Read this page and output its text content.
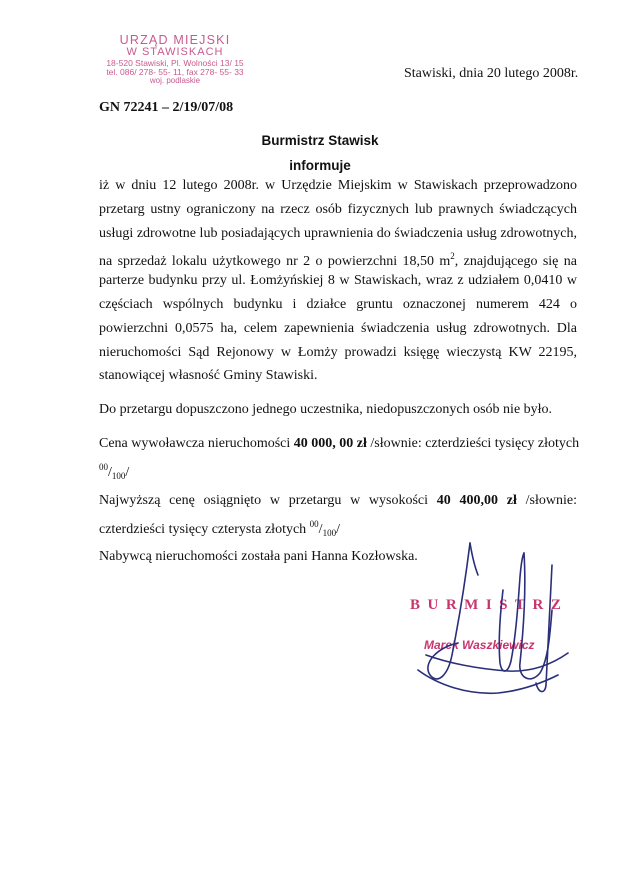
URZĄD MIEJSKI
W STAWISKACH
18-520 Stawiski, Pl. Wolności 13/ 15
tel. 086/ 278- 55- 11, fax 278- 55- 33
woj. podlaskie	Stawiski, dnia 20 lutego 2008r.
GN 72241 – 2/19/07/08
Burmistrz Stawisk
informuje
iż w dniu 12 lutego 2008r. w Urzędzie Miejskim w Stawiskach przeprowadzono
przetarg ustny ograniczony na rzecz osób fizycznych lub prawnych świadczących
usługi zdrowotne lub posiadających uprawnienia do świadczenia usług zdrowotnych,
na sprzedaż lokalu użytkowego nr 2 o powierzchni 18,50 $m^2$, znajdującego się na
parterze budynku przy ul. Łomżyńskiej 8 w Stawiskach, wraz z udziałem 0,0410 w
częściach wspólnych budynku i działce gruntu oznaczonej numerem 424 o
powierzchni 0,0575 ha, celem zapewnienia świadczenia usług zdrowotnych. Dla
nieruchomości Sąd Rejonowy w Łomży prowadzi księgę wieczystą KW 22195,
stanowiącej własność Gminy Stawiski.
Do przetargu dopuszczono jednego uczestnika, niedopuszczonych osób nie było.
Cena wywoławcza nieruchomości 40 000, 00 zł /słownie: czterdzieści tysięcy złotych
$^{00}/_{100}/$
Najwyższą cenę osiągnięto w przetargu w wysokości 40 400,00 zł /słownie:
czterdzieści tysięcy czterysta złotych $^{00}/_{100}/$
Nabywcą nieruchomości została pani Hanna Kozłowska.
BURMISTRZ
Marek Waszkiewicz
